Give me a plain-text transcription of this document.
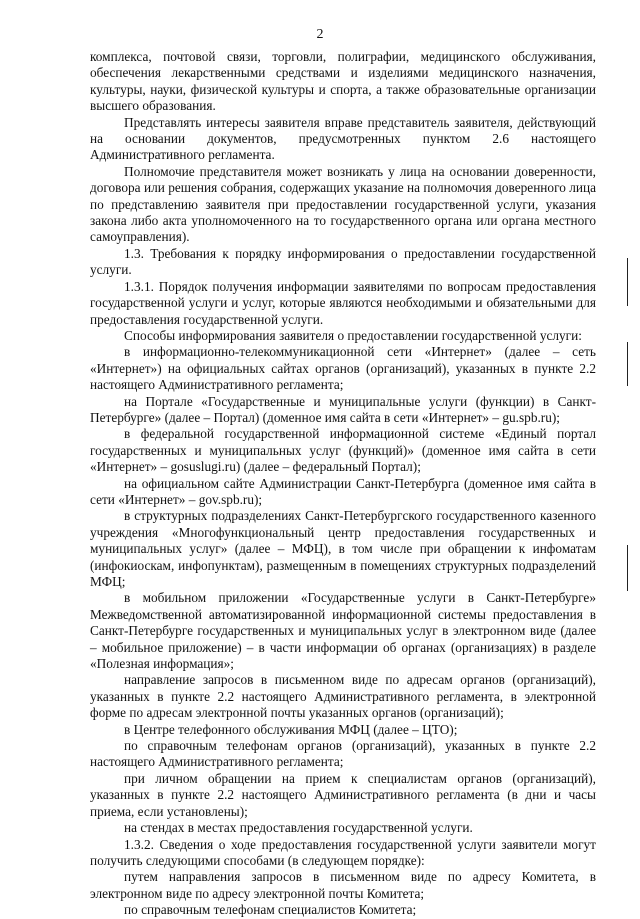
2

комплекса, почтовой связи, торговли, полиграфии, медицинского обслуживания, обеспечения лекарственными средствами и изделиями медицинского назначения, культуры, науки, физической культуры и спорта, а также образовательные организации высшего образования.

Представлять интересы заявителя вправе представитель заявителя, действующий на основании документов, предусмотренных пунктом 2.6 настоящего Административного регламента.

Полномочие представителя может возникать у лица на основании доверенности, договора или решения собрания, содержащих указание на полномочия доверенного лица по представлению заявителя при предоставлении государственной услуги, указания закона либо акта уполномоченного на то государственного органа или органа местного самоуправления).

1.3. Требования к порядку информирования о предоставлении государственной услуги.

1.3.1. Порядок получения информации заявителями по вопросам предоставления государственной услуги и услуг, которые являются необходимыми и обязательными для предоставления государственной услуги.

Способы информирования заявителя о предоставлении государственной услуги:

в информационно-телекоммуникационной сети «Интернет» (далее – сеть «Интернет») на официальных сайтах органов (организаций), указанных в пункте 2.2 настоящего Административного регламента;

на Портале «Государственные и муниципальные услуги (функции) в Санкт-Петербурге» (далее – Портал) (доменное имя сайта в сети «Интернет» – gu.spb.ru);

в федеральной государственной информационной системе «Единый портал государственных и муниципальных услуг (функций)» (доменное имя сайта в сети «Интернет» – gosuslugi.ru) (далее – федеральный Портал);

на официальном сайте Администрации Санкт-Петербурга (доменное имя сайта в сети «Интернет» – gov.spb.ru);

в структурных подразделениях Санкт-Петербургского государственного казенного учреждения «Многофункциональный центр предоставления государственных и муниципальных услуг» (далее – МФЦ), в том числе при обращении к инфоматам (инфокиоскам, инфопунктам), размещенным в помещениях структурных подразделений МФЦ;

в мобильном приложении «Государственные услуги в Санкт-Петербурге» Межведомственной автоматизированной информационной системы предоставления в Санкт-Петербурге государственных и муниципальных услуг в электронном виде (далее – мобильное приложение) – в части информации об органах (организациях) в разделе «Полезная информация»;

направление запросов в письменном виде по адресам органов (организаций), указанных в пункте 2.2 настоящего Административного регламента, в электронной форме по адресам электронной почты указанных органов (организаций);

в Центре телефонного обслуживания МФЦ (далее – ЦТО);

по справочным телефонам органов (организаций), указанных в пункте 2.2 настоящего Административного регламента;

при личном обращении на прием к специалистам органов (организаций), указанных в пункте 2.2 настоящего Административного регламента (в дни и часы приема, если установлены);

на стендах в местах предоставления государственной услуги.

1.3.2. Сведения о ходе предоставления государственной услуги заявители могут получить следующими способами (в следующем порядке):

путем направления запросов в письменном виде по адресу Комитета, в электронном виде по адресу электронной почты Комитета;

по справочным телефонам специалистов Комитета;
